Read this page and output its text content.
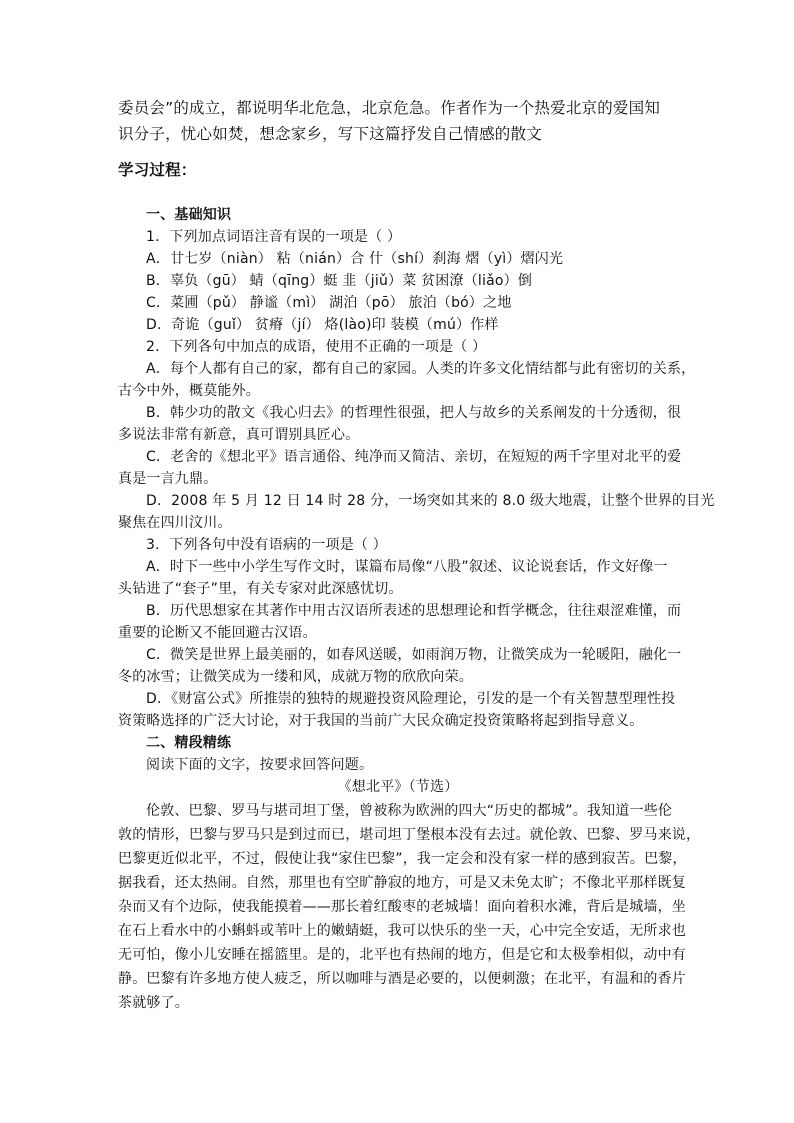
委员会”的成立，都说明华北危急，北京危急。作者作为一个热爱北京的爱国知
识分子，忧心如焚，想念家乡，写下这篇抒发自己情感的散文
学习过程：
一、基础知识
1．下列加点词语注音有误的一项是（ ）
A．廿七岁（niàn） 粘（nián）合 什（shí）刹海 熠（yì）熠闪光
B．辜负（gū） 蜻（qīng）蜓 韭（jiǔ）菜 贫困潦（liǎo）倒
C．菜圃（pǔ） 静谧（mì） 湖泊（pō） 旅泊（bó）之地
D．奇诡（guǐ） 贫瘠（jí） 烙(lào)印 装模（mú）作样
2．下列各句中加点的成语，使用不正确的一项是（ ）
A．每个人都有自己的家，都有自己的家园。人类的许多文化情结都与此有密切的关系，
古今中外，概莫能外。
B．韩少功的散文《我心归去》的哲理性很强，把人与故乡的关系阐发的十分透彻，很
多说法非常有新意，真可谓别具匠心。
C．老舍的《想北平》语言通俗、纯净而又简洁、亲切，在短短的两千字里对北平的爱
真是一言九鼎。
D．2008 年 5 月 12 日 14 时 28 分，一场突如其来的 8.0 级大地震，让整个世界的目光
聚焦在四川汶川。
3．下列各句中没有语病的一项是（ ）
A．时下一些中小学生写作文时，谋篇布局像“八股”叙述、议论说套话，作文好像一
头钻进了“套子”里，有关专家对此深感忧切。
B．历代思想家在其著作中用古汉语所表述的思想理论和哲学概念，往往艰涩难懂，而
重要的论断又不能回避古汉语。
C．微笑是世界上最美丽的，如春风送暖，如雨润万物，让微笑成为一轮暖阳，融化一
冬的冰雪；让微笑成为一缕和风，成就万物的欣欣向荣。
D．《财富公式》所推崇的独特的规避投资风险理论，引发的是一个有关智慧型理性投
资策略选择的广泛大讨论，对于我国的当前广大民众确定投资策略将起到指导意义。
二、精段精练
阅读下面的文字，按要求回答问题。
《想北平》（节选）
伦敦、巴黎、罗马与堪司坦丁堡，曾被称为欧洲的四大“历史的都城”。我知道一些伦
敦的情形，巴黎与罗马只是到过而已，堪司坦丁堡根本没有去过。就伦敦、巴黎、罗马来说，
巴黎更近似北平，不过，假使让我“家住巴黎”，我一定会和没有家一样的感到寂苦。巴黎，
据我看，还太热闹。自然，那里也有空旷静寂的地方，可是又未免太旷；不像北平那样既复
杂而又有个边际，使我能摸着——那长着红酸枣的老城墙！面向着积水滩，背后是城墙，坐
在石上看水中的小蝌蚪或苇叶上的嫩蜻蜓，我可以快乐的坐一天，心中完全安适，无所求也
无可怕，像小儿安睡在摇篮里。是的，北平也有热闹的地方，但是它和太极拳相似，动中有
静。巴黎有许多地方使人疲乏，所以咖啡与酒是必要的，以便刺激；在北平，有温和的香片
茶就够了。
